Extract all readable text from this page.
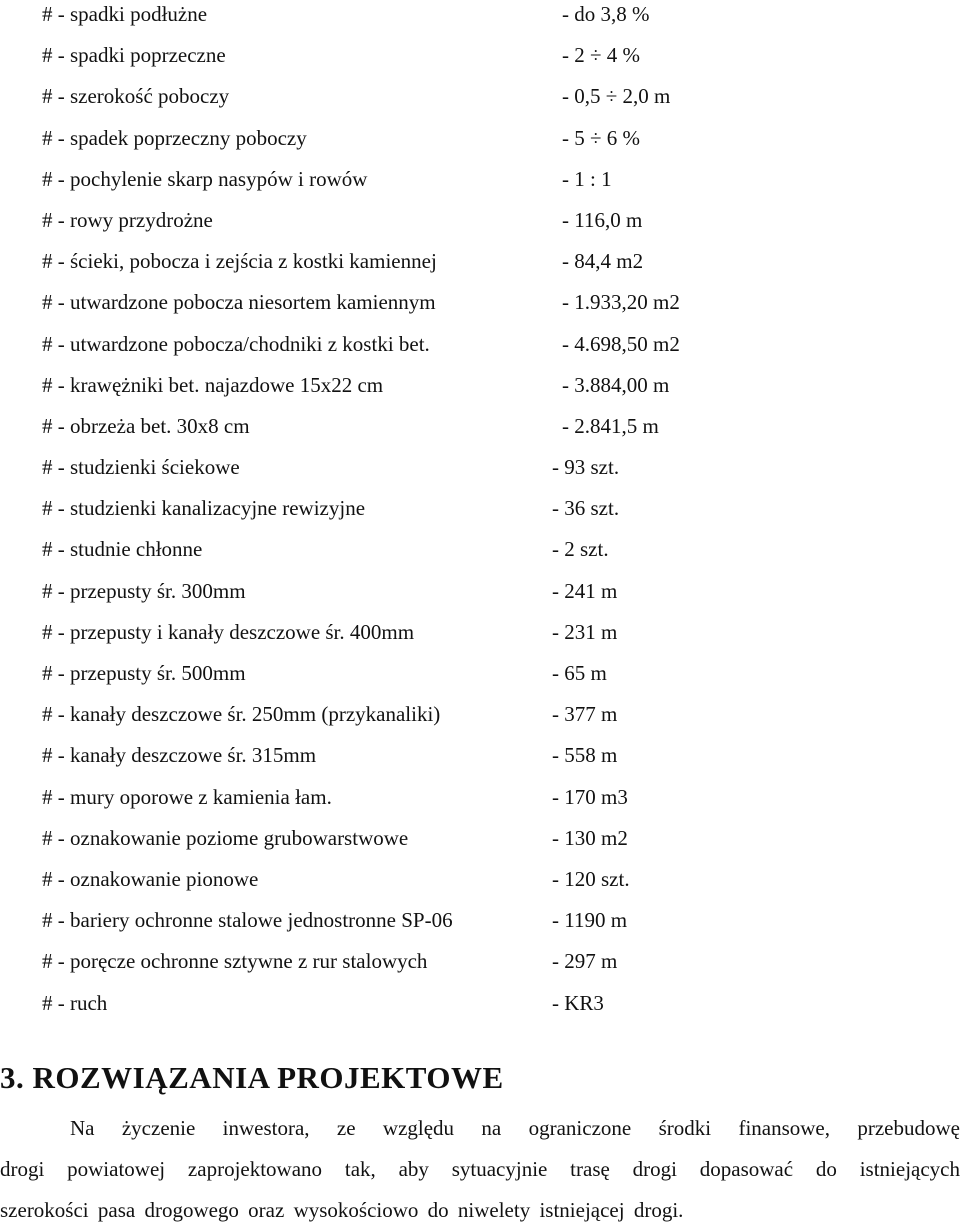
# - spadki podłużne	- do 3,8 %
# - spadki poprzeczne	- 2 ÷ 4 %
# - szerokość poboczy	- 0,5 ÷ 2,0 m
# - spadek poprzeczny poboczy	- 5 ÷ 6 %
# - pochylenie skarp nasypów i rowów	- 1 : 1
# - rowy przydrożne	- 116,0 m
# - ścieki, pobocza i zejścia z kostki kamiennej	- 84,4 m2
# - utwardzone pobocza niesortem kamiennym	- 1.933,20 m2
# - utwardzone pobocza/chodniki z kostki bet.	- 4.698,50 m2
# - krawężniki bet. najazdowe 15x22 cm	- 3.884,00 m
# - obrzeża bet. 30x8 cm	- 2.841,5 m
# - studzienki ściekowe	- 93 szt.
# - studzienki kanalizacyjne rewizyjne	- 36 szt.
# - studnie chłonne	- 2 szt.
# - przepusty śr. 300mm	- 241 m
# - przepusty i kanały deszczowe śr. 400mm	- 231 m
# - przepusty śr. 500mm	- 65 m
# - kanały deszczowe śr. 250mm (przykanaliki)	- 377 m
# - kanały deszczowe śr. 315mm	- 558 m
# - mury oporowe z kamienia łam.	- 170 m3
# - oznakowanie poziome grubowarstwowe	- 130 m2
# - oznakowanie pionowe	- 120 szt.
# - bariery ochronne stalowe jednostronne SP-06	- 1190 m
# - poręcze ochronne sztywne z rur stalowych	- 297 m
# - ruch	- KR3
3. ROZWIĄZANIA PROJEKTOWE

Na życzenie inwestora, ze względu na ograniczone środki finansowe, przebudowę
drogi powiatowej zaprojektowano tak, aby sytuacyjnie trasę drogi dopasować do istniejących
szerokości pasa drogowego oraz wysokościowo do niwelety istniejącej drogi.
